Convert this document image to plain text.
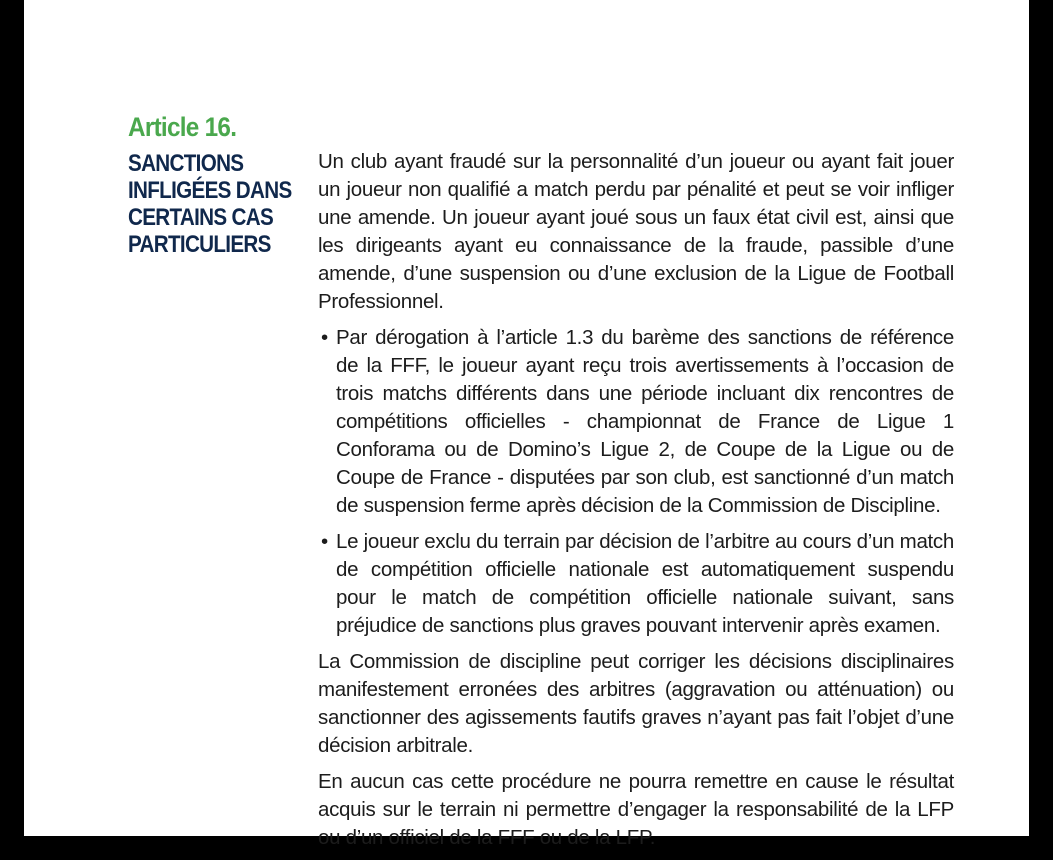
Article 16.
SANCTIONS INFLIGÉES DANS CERTAINS CAS PARTICULIERS

Un club ayant fraudé sur la personnalité d’un joueur ou ayant fait jouer un joueur non qualifié a match perdu par pénalité et peut se voir infliger une amende. Un joueur ayant joué sous un faux état civil est, ainsi que les dirigeants ayant eu connaissance de la fraude, passible d’une amende, d’une suspension ou d’une exclusion de la Ligue de Football Professionnel.

• Par dérogation à l’article 1.3 du barème des sanctions de référence de la FFF, le joueur ayant reçu trois avertissements à l’occasion de trois matchs différents dans une période incluant dix rencontres de compétitions officielles - championnat de France de Ligue 1 Conforama ou de Domino’s Ligue 2, de Coupe de la Ligue ou de Coupe de France - disputées par son club, est sanctionné d’un match de suspension ferme après décision de la Commission de Discipline.
• Le joueur exclu du terrain par décision de l’arbitre au cours d’un match de compétition officielle nationale est automatiquement suspendu pour le match de compétition officielle nationale suivant, sans préjudice de sanctions plus graves pouvant intervenir après examen.

La Commission de discipline peut corriger les décisions disciplinaires manifestement erronées des arbitres (aggravation ou atténuation) ou sanctionner des agissements fautifs graves n’ayant pas fait l’objet d’une décision arbitrale.

En aucun cas cette procédure ne pourra remettre en cause le résultat acquis sur le terrain ni permettre d’engager la responsabilité de la LFP ou d’un officiel de la FFF ou de la LFP.
